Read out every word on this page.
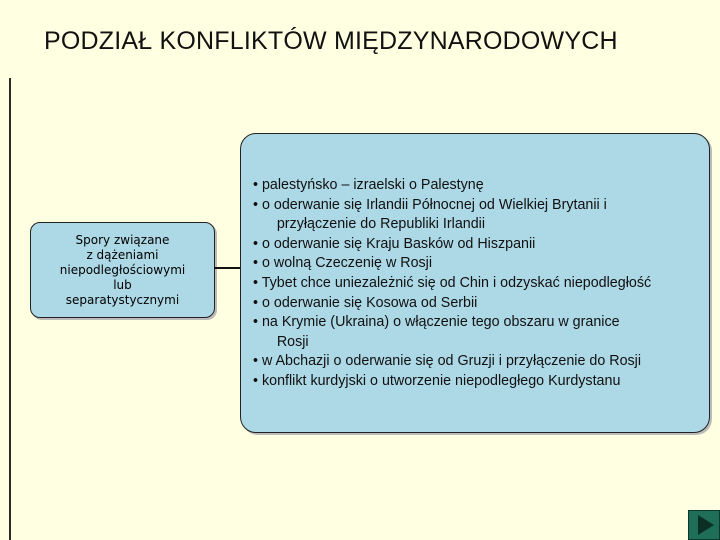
PODZIAŁ KONFLIKTÓW MIĘDZYNARODOWYCH
Spory związane
z dążeniami
niepodległościowymi
lub
separatystycznymi
• palestyńsko – izraelski o Palestynę
• o oderwanie się Irlandii Północnej od Wielkiej Brytanii i
przyłączenie do Republiki Irlandii
• o oderwanie się Kraju Basków od Hiszpanii
• o wolną Czeczenię w Rosji
• Tybet chce uniezależnić się od Chin i odzyskać niepodległość
• o oderwanie się Kosowa od Serbii
• na Krymie (Ukraina) o włączenie tego obszaru w granice
Rosji
• w Abchazji o oderwanie się od Gruzji i przyłączenie do Rosji
• konflikt kurdyjski o utworzenie niepodległego Kurdystanu
